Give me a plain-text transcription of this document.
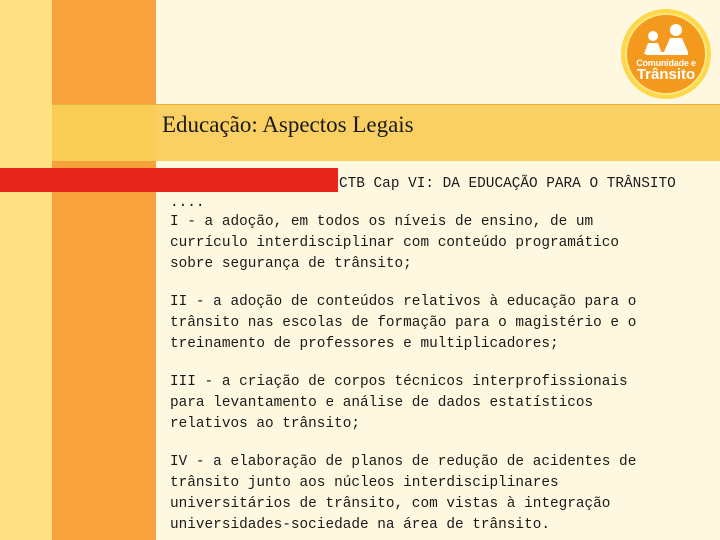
Educação: Aspectos Legais
Comunidade e
Trânsito
CTB Cap VI: DA EDUCAÇÃO PARA O TRÂNSITO
....

I - a adoção, em todos os níveis de ensino, de um
currículo interdisciplinar com conteúdo programático
sobre segurança de trânsito;

II - a adoção de conteúdos relativos à educação para o
trânsito nas escolas de formação para o magistério e o
treinamento de professores e multiplicadores;

III - a criação de corpos técnicos interprofissionais
para levantamento e análise de dados estatísticos
relativos ao trânsito;

IV - a elaboração de planos de redução de acidentes de
trânsito junto aos núcleos interdisciplinares
universitários de trânsito, com vistas à integração
universidades-sociedade na área de trânsito.
